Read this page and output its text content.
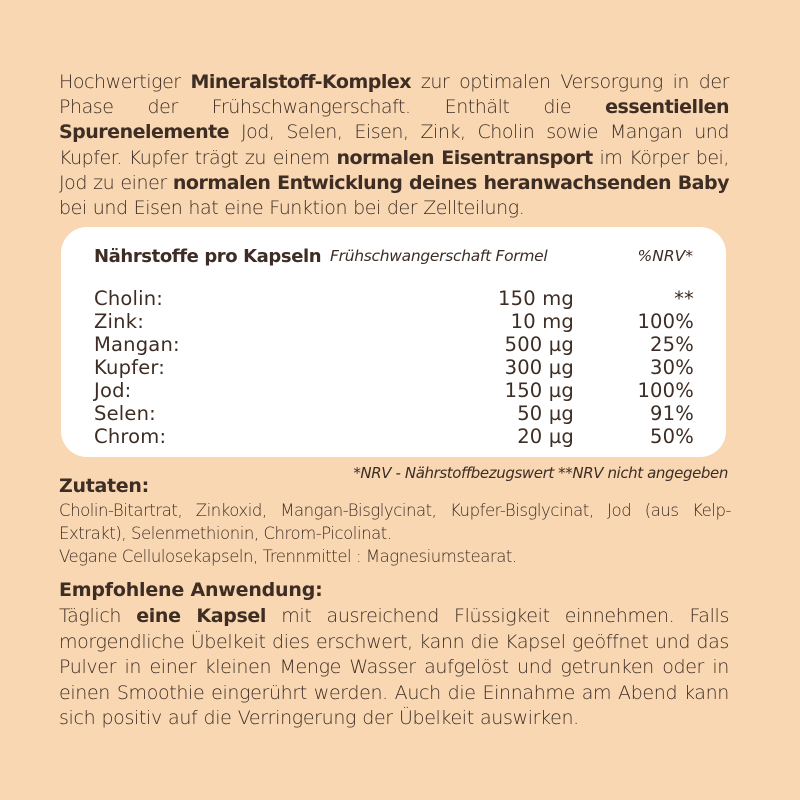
Hochwertiger Mineralstoff-Komplex zur optimalen Versorgung in der Phase der Frühschwangerschaft. Enthält die essentiellen Spurenelemente Jod, Selen, Eisen, Zink, Cholin sowie Mangan und Kupfer. Kupfer trägt zu einem normalen Eisentransport im Körper bei, Jod zu einer normalen Entwicklung deines heranwachsenden Baby bei und Eisen hat eine Funktion bei der Zellteilung.
Nährstoffe pro Kapseln Frühschwangerschaft Formel	%NRV*
Cholin:	150 mg	**
Zink:	10 mg	100%
Mangan:	500 µg	25%
Kupfer:	300 µg	30%
Jod:	150 µg	100%
Selen:	50 µg	91%
Chrom:	20 µg	50%
*NRV - Nährstoffbezugswert **NRV nicht angegeben
Zutaten:
Cholin-Bitartrat, Zinkoxid, Mangan-Bisglycinat, Kupfer-Bisglycinat, Jod (aus Kelp-Extrakt), Selenmethionin, Chrom-Picolinat.
Vegane Cellulosekapseln, Trennmittel : Magnesiumstearat.
Empfohlene Anwendung:
Täglich eine Kapsel mit ausreichend Flüssigkeit einnehmen. Falls morgendliche Übelkeit dies erschwert, kann die Kapsel geöffnet und das Pulver in einer kleinen Menge Wasser aufgelöst und getrunken oder in einen Smoothie eingerührt werden. Auch die Einnahme am Abend kann sich positiv auf die Verringerung der Übelkeit auswirken.
